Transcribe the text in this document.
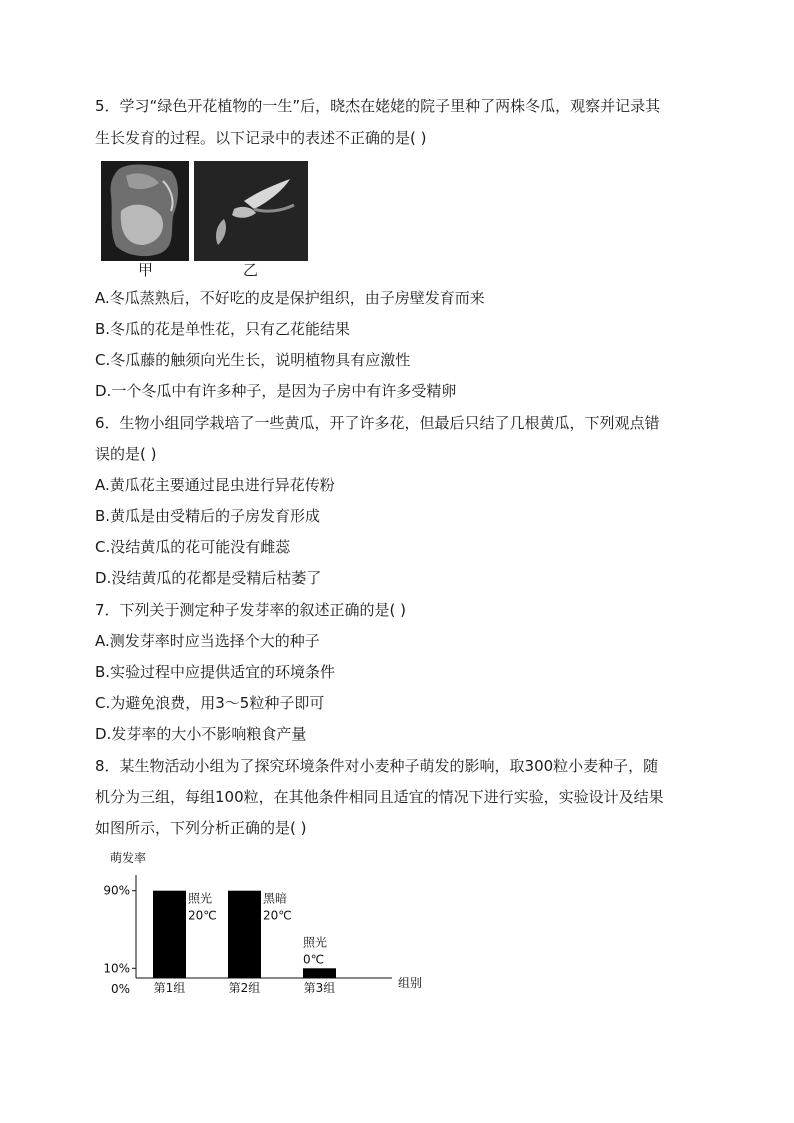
5．学习“绿色开花植物的一生”后，晓杰在姥姥的院子里种了两株冬瓜，观察并记录其
生长发育的过程。以下记录中的表述不正确的是( )
甲	乙
A.冬瓜蒸熟后，不好吃的皮是保护组织，由子房壁发育而来
B.冬瓜的花是单性花，只有乙花能结果
C.冬瓜藤的触须向光生长，说明植物具有应激性
D.一个冬瓜中有许多种子，是因为子房中有许多受精卵
6．生物小组同学栽培了一些黄瓜，开了许多花，但最后只结了几根黄瓜，下列观点错
误的是( )
A.黄瓜花主要通过昆虫进行异花传粉
B.黄瓜是由受精后的子房发育形成
C.没结黄瓜的花可能没有雌蕊
D.没结黄瓜的花都是受精后枯萎了
7．下列关于测定种子发芽率的叙述正确的是( )
A.测发芽率时应当选择个大的种子
B.实验过程中应提供适宜的环境条件
C.为避免浪费，用3～5粒种子即可
D.发芽率的大小不影响粮食产量
8．某生物活动小组为了探究环境条件对小麦种子萌发的影响，取300粒小麦种子，随
机分为三组，每组100粒，在其他条件相同且适宜的情况下进行实验，实验设计及结果
如图所示，下列分析正确的是( )
萌发率
组别
90%
10%
0% 第1组
照光
20℃
第2组
黑暗
20℃
第3组
照光
0℃
